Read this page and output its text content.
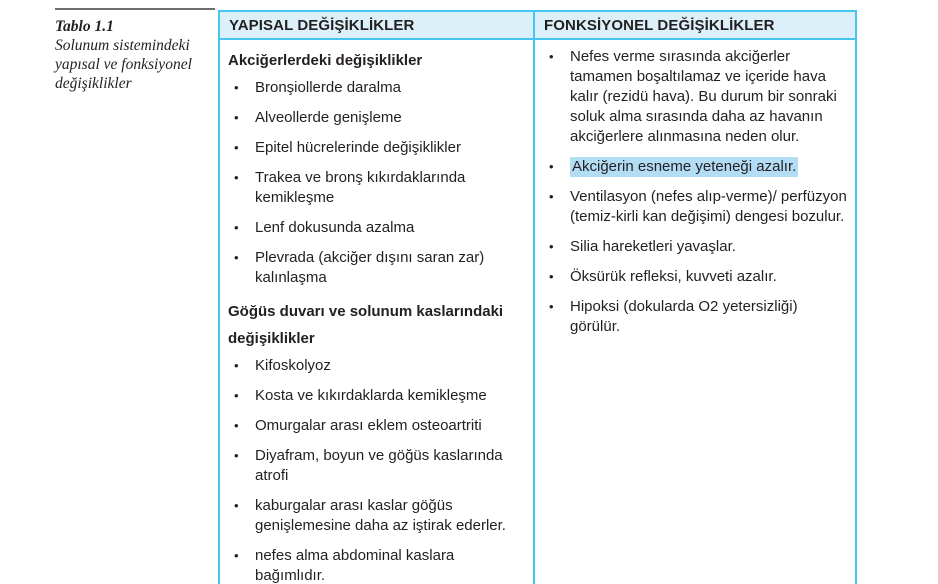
Tablo 1.1
Solunum sistemindeki yapısal ve fonksiyonel değişiklikler
YAPISAL DEĞİŞİKLİKLER	FONKSİYONEL DEĞİŞİKLİKLER

Akciğerlerdeki değişiklikler
•	Bronşiollerde daralma
•	Alveollerde genişleme
•	Epitel hücrelerinde değişiklikler
•	Trakea ve bronş kıkırdaklarında kemikleşme
•	Lenf dokusunda azalma
•	Plevrada (akciğer dışını saran zar) kalınlaşma
Göğüs duvarı ve solunum kaslarındaki değişiklikler
•	Kifoskolyoz
•	Kosta ve kıkırdaklarda kemikleşme
•	Omurgalar arası eklem osteoartriti
•	Diyafram, boyun ve göğüs kaslarında atrofi
•	kaburgalar arası kaslar göğüs genişlemesine daha az iştirak ederler.
•	nefes alma abdominal kaslara bağımlıdır.

•	Nefes verme sırasında akciğerler tamamen boşaltılamaz ve içeride hava kalır (rezidü hava). Bu durum bir sonraki soluk alma sırasında daha az havanın akciğerlere alınmasına neden olur.
•	Akciğerin esneme yeteneği azalır.
•	Ventilasyon (nefes alıp-verme)/ perfüzyon (temiz-kirli kan değişimi) dengesi bozulur.
•	Silia hareketleri yavaşlar.
•	Öksürük refleksi, kuvveti azalır.
•	Hipoksi (dokularda O2 yetersizliği) görülür.
